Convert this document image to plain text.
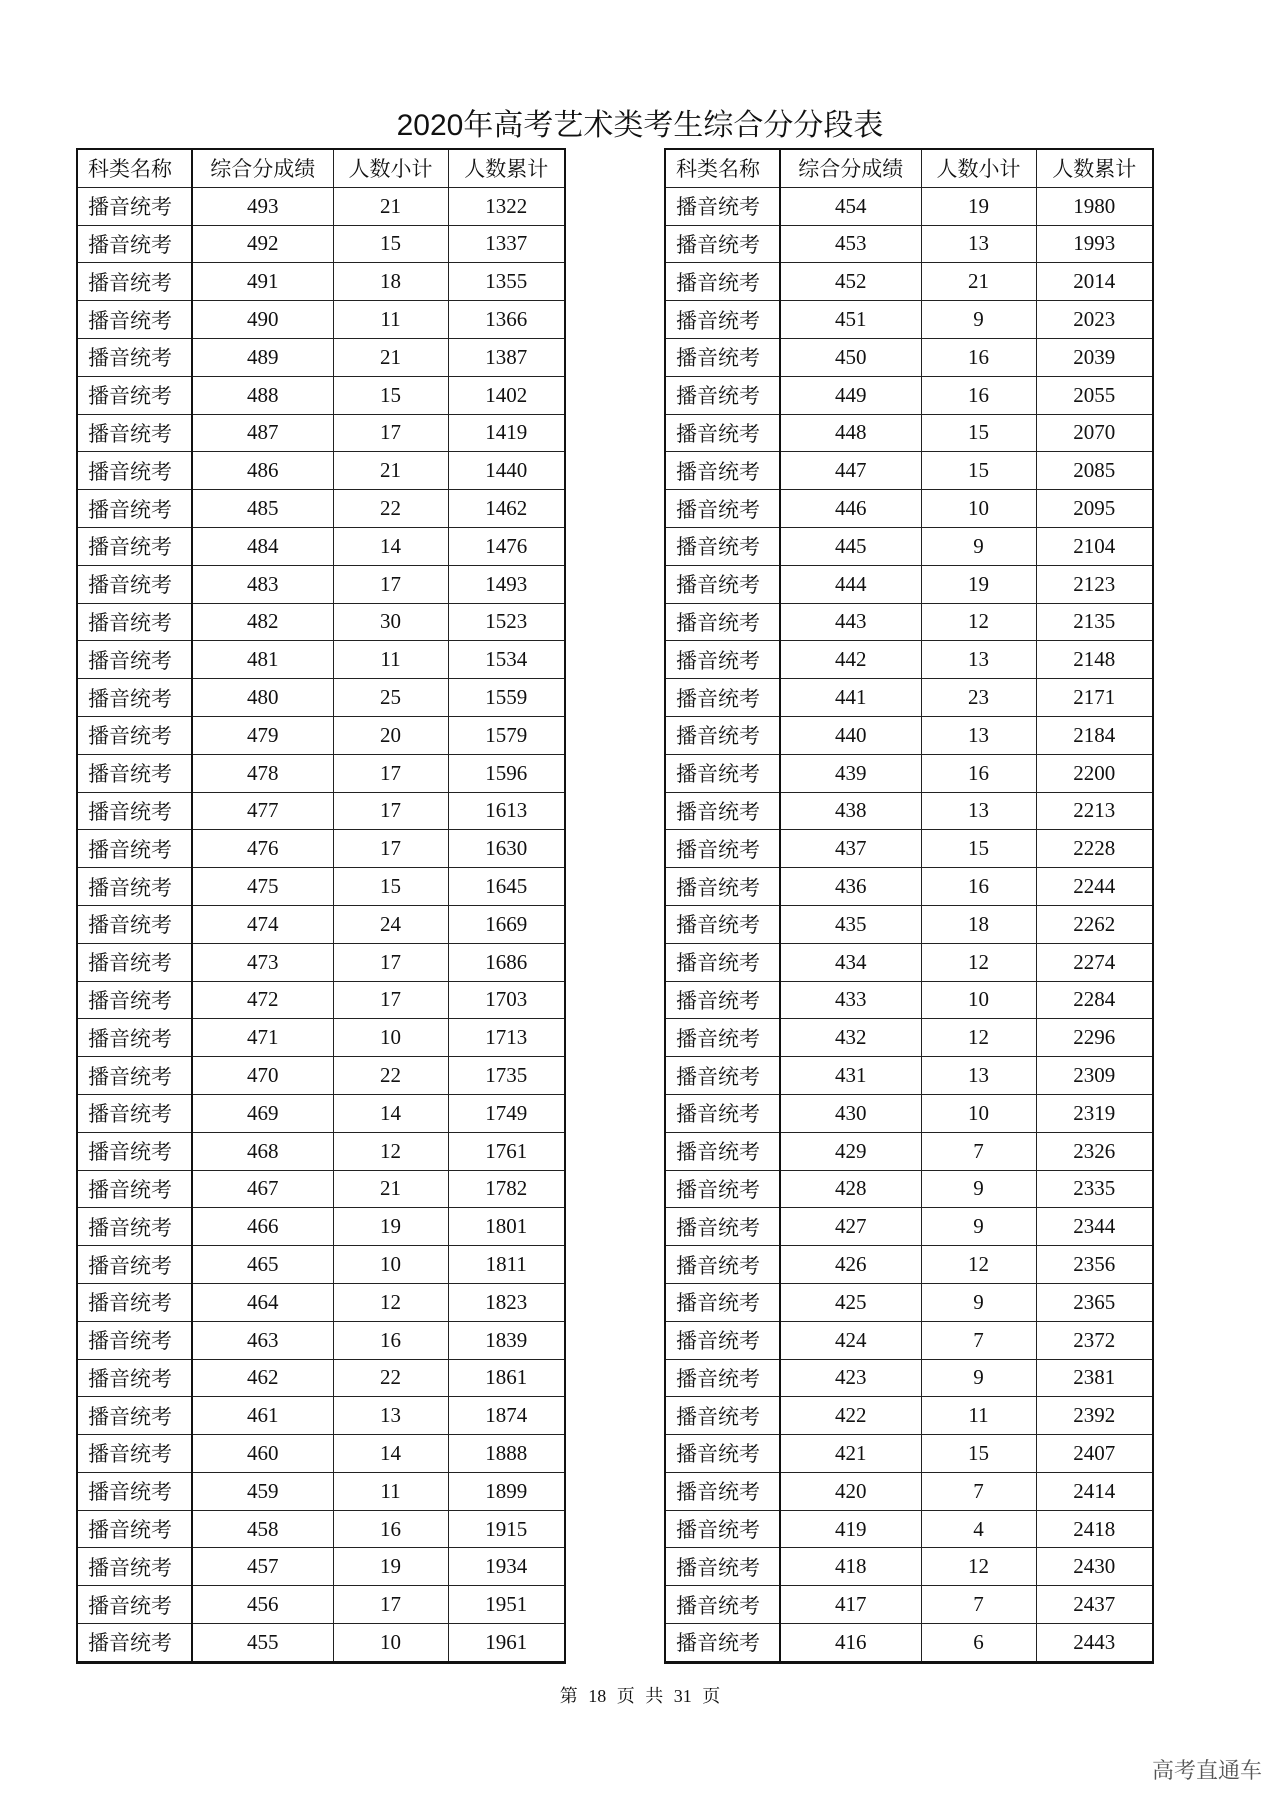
2020年高考艺术类考生综合分分段表
科类名称	综合分成绩	人数小计	人数累计
播音统考	493	21	1322
播音统考	492	15	1337
播音统考	491	18	1355
播音统考	490	11	1366
播音统考	489	21	1387
播音统考	488	15	1402
播音统考	487	17	1419
播音统考	486	21	1440
播音统考	485	22	1462
播音统考	484	14	1476
播音统考	483	17	1493
播音统考	482	30	1523
播音统考	481	11	1534
播音统考	480	25	1559
播音统考	479	20	1579
播音统考	478	17	1596
播音统考	477	17	1613
播音统考	476	17	1630
播音统考	475	15	1645
播音统考	474	24	1669
播音统考	473	17	1686
播音统考	472	17	1703
播音统考	471	10	1713
播音统考	470	22	1735
播音统考	469	14	1749
播音统考	468	12	1761
播音统考	467	21	1782
播音统考	466	19	1801
播音统考	465	10	1811
播音统考	464	12	1823
播音统考	463	16	1839
播音统考	462	22	1861
播音统考	461	13	1874
播音统考	460	14	1888
播音统考	459	11	1899
播音统考	458	16	1915
播音统考	457	19	1934
播音统考	456	17	1951
播音统考	455	10	1961
科类名称	综合分成绩	人数小计	人数累计
播音统考	454	19	1980
播音统考	453	13	1993
播音统考	452	21	2014
播音统考	451	9	2023
播音统考	450	16	2039
播音统考	449	16	2055
播音统考	448	15	2070
播音统考	447	15	2085
播音统考	446	10	2095
播音统考	445	9	2104
播音统考	444	19	2123
播音统考	443	12	2135
播音统考	442	13	2148
播音统考	441	23	2171
播音统考	440	13	2184
播音统考	439	16	2200
播音统考	438	13	2213
播音统考	437	15	2228
播音统考	436	16	2244
播音统考	435	18	2262
播音统考	434	12	2274
播音统考	433	10	2284
播音统考	432	12	2296
播音统考	431	13	2309
播音统考	430	10	2319
播音统考	429	7	2326
播音统考	428	9	2335
播音统考	427	9	2344
播音统考	426	12	2356
播音统考	425	9	2365
播音统考	424	7	2372
播音统考	423	9	2381
播音统考	422	11	2392
播音统考	421	15	2407
播音统考	420	7	2414
播音统考	419	4	2418
播音统考	418	12	2430
播音统考	417	7	2437
播音统考	416	6	2443
第 18 页 共 31 页
高考直通车
